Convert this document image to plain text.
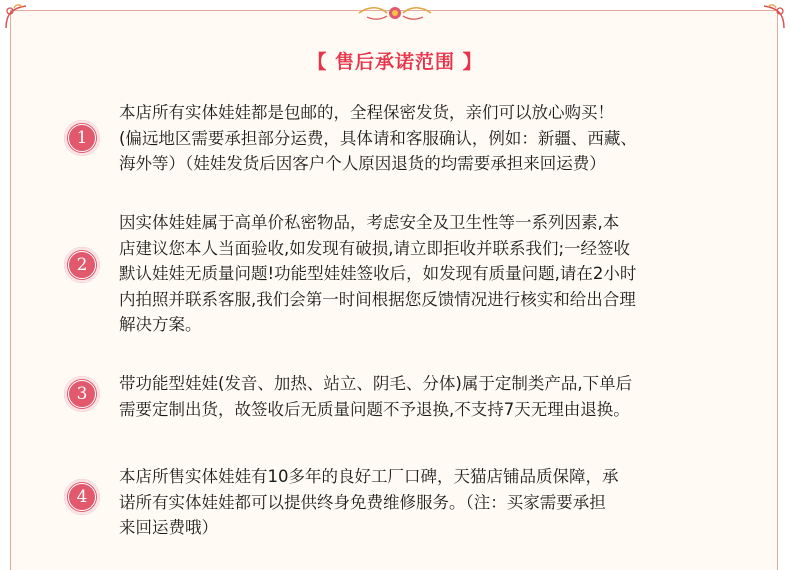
【 售后承诺范围 】
1
本店所有实体娃娃都是包邮的，全程保密发货，亲们可以放心购买！
(偏远地区需要承担部分运费，具体请和客服确认，例如：新疆、西藏、
海外等）（娃娃发货后因客户个人原因退货的均需要承担来回运费）
2
因实体娃娃属于高单价私密物品，考虑安全及卫生性等一系列因素,本
店建议您本人当面验收,如发现有破损,请立即拒收并联系我们;一经签收
默认娃娃无质量问题!功能型娃娃签收后，如发现有质量问题,请在2小时
内拍照并联系客服,我们会第一时间根据您反馈情况进行核实和给出合理
解决方案。
3
带功能型娃娃(发音、加热、站立、阴毛、分体)属于定制类产品,下单后
需要定制出货，故签收后无质量问题不予退换,不支持7天无理由退换。
4
本店所售实体娃娃有10多年的良好工厂口碑，天猫店铺品质保障，承
诺所有实体娃娃都可以提供终身免费维修服务。（注：买家需要承担
来回运费哦）
